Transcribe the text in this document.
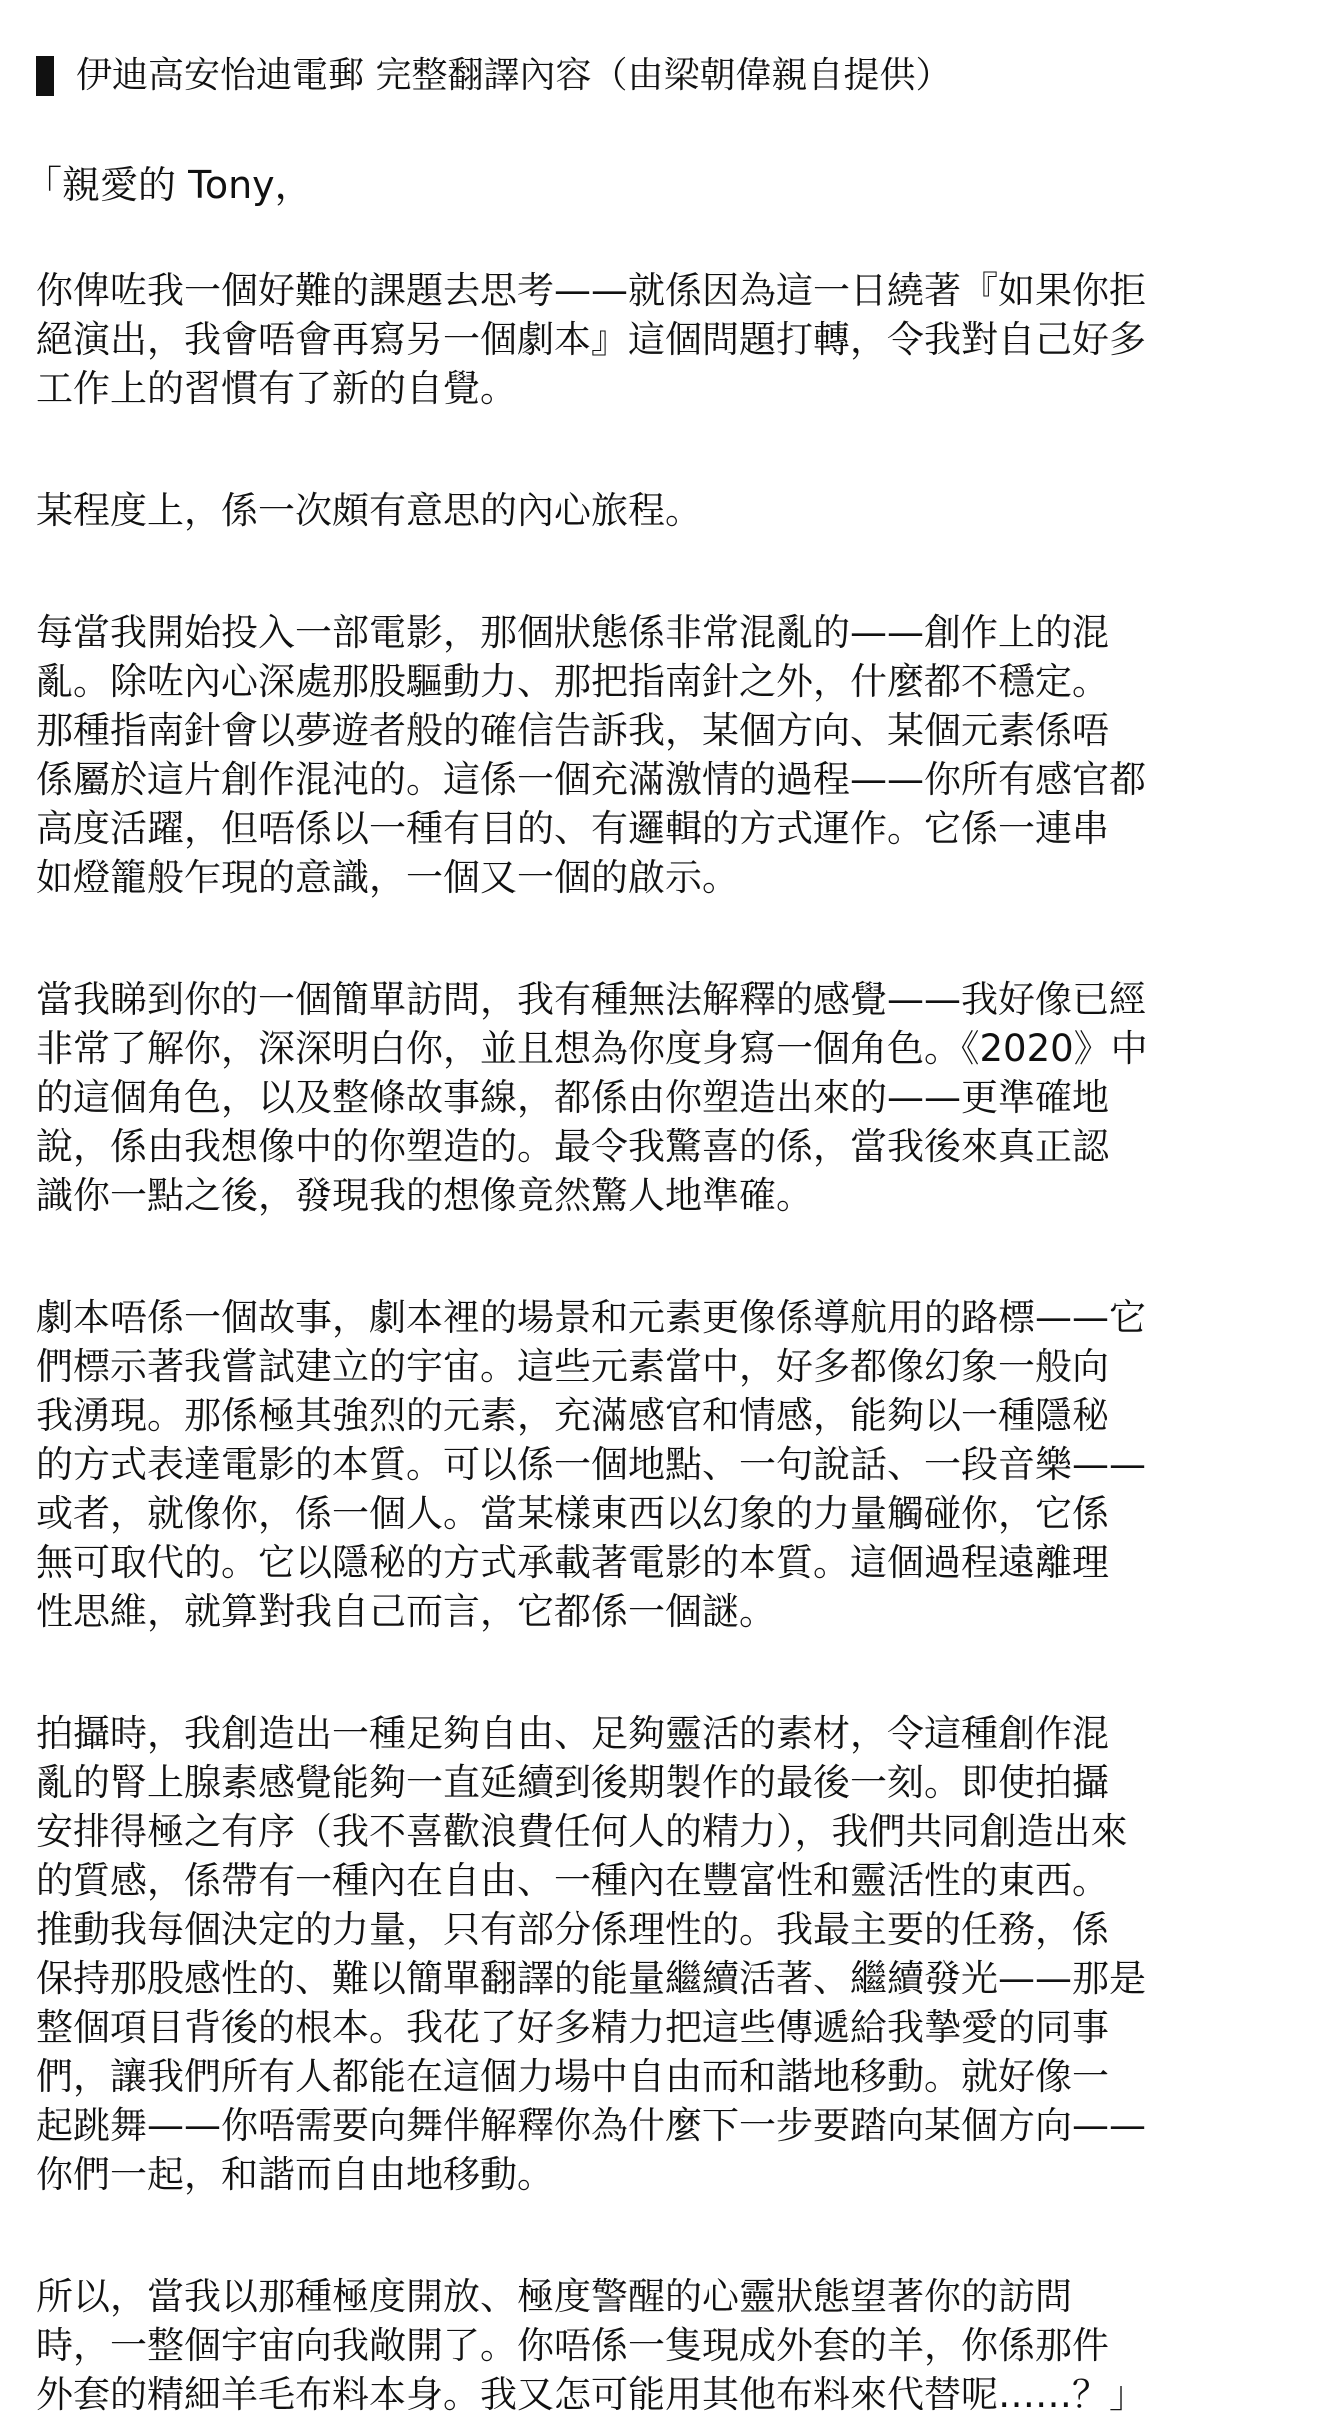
伊迪高安怡迪電郵 完整翻譯內容（由梁朝偉親自提供）
「親愛的 Tony，
你俾咗我一個好難的課題去思考——就係因為這一日繞著『如果你拒
絕演出，我會唔會再寫另一個劇本』這個問題打轉，令我對自己好多
工作上的習慣有了新的自覺。
某程度上，係一次頗有意思的內心旅程。
每當我開始投入一部電影，那個狀態係非常混亂的——創作上的混
亂。除咗內心深處那股驅動力、那把指南針之外，什麼都不穩定。
那種指南針會以夢遊者般的確信告訴我，某個方向、某個元素係唔
係屬於這片創作混沌的。這係一個充滿激情的過程——你所有感官都
高度活躍，但唔係以一種有目的、有邏輯的方式運作。它係一連串
如燈籠般乍現的意識，一個又一個的啟示。
當我睇到你的一個簡單訪問，我有種無法解釋的感覺——我好像已經
非常了解你，深深明白你，並且想為你度身寫一個角色。《2020》中
的這個角色，以及整條故事線，都係由你塑造出來的——更準確地
說，係由我想像中的你塑造的。最令我驚喜的係，當我後來真正認
識你一點之後，發現我的想像竟然驚人地準確。
劇本唔係一個故事，劇本裡的場景和元素更像係導航用的路標——它
們標示著我嘗試建立的宇宙。這些元素當中，好多都像幻象一般向
我湧現。那係極其強烈的元素，充滿感官和情感，能夠以一種隱秘
的方式表達電影的本質。可以係一個地點、一句說話、一段音樂——
或者，就像你，係一個人。當某樣東西以幻象的力量觸碰你，它係
無可取代的。它以隱秘的方式承載著電影的本質。這個過程遠離理
性思維，就算對我自己而言，它都係一個謎。
拍攝時，我創造出一種足夠自由、足夠靈活的素材，令這種創作混
亂的腎上腺素感覺能夠一直延續到後期製作的最後一刻。即使拍攝
安排得極之有序（我不喜歡浪費任何人的精力），我們共同創造出來
的質感，係帶有一種內在自由、一種內在豐富性和靈活性的東西。
推動我每個決定的力量，只有部分係理性的。我最主要的任務，係
保持那股感性的、難以簡單翻譯的能量繼續活著、繼續發光——那是
整個項目背後的根本。我花了好多精力把這些傳遞給我摯愛的同事
們，讓我們所有人都能在這個力場中自由而和諧地移動。就好像一
起跳舞——你唔需要向舞伴解釋你為什麼下一步要踏向某個方向——
你們一起，和諧而自由地移動。
所以，當我以那種極度開放、極度警醒的心靈狀態望著你的訪問
時，一整個宇宙向我敞開了。你唔係一隻現成外套的羊，你係那件
外套的精細羊毛布料本身。我又怎可能用其他布料來代替呢……？」
